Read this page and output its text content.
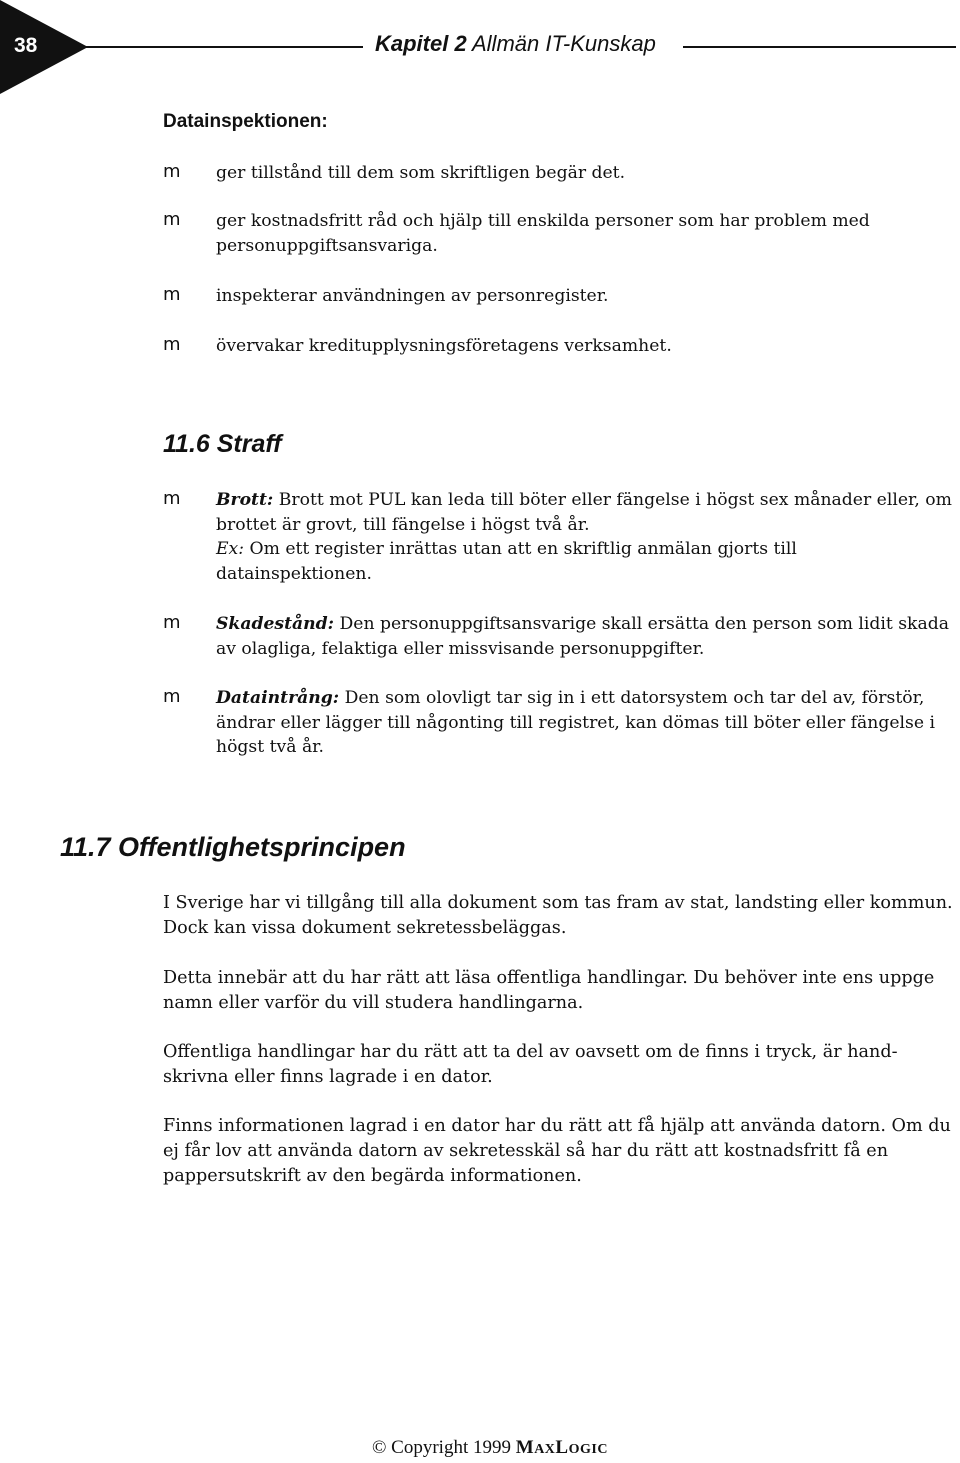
38	Kapitel 2 Allmän IT-Kunskap
Datainspektionen:
m ger tillstånd till dem som skriftligen begär det.
m ger kostnadsfritt råd och hjälp till enskilda personer som har problem med personuppgiftsansvariga.
m inspekterar användningen av personregister.
m övervakar kreditupplysningsföretagens verksamhet.
11.6 Straff
m Brott: Brott mot PUL kan leda till böter eller fängelse i högst sex månader eller, om brottet är grovt, till fängelse i högst två år.
Ex: Om ett register inrättas utan att en skriftlig anmälan gjorts till datainspektionen.
m Skadestånd: Den personuppgiftsansvarige skall ersätta den person som lidit skada av olagliga, felaktiga eller missvisande personuppgifter.
m Dataintrång: Den som olovligt tar sig in i ett datorsystem och tar del av, förstör, ändrar eller lägger till någonting till registret, kan dömas till böter eller fängelse i högst två år.
11.7 Offentlighetsprincipen
I Sverige har vi tillgång till alla dokument som tas fram av stat, landsting eller kommun. Dock kan vissa dokument sekretessbeläggas.
Detta innebär att du har rätt att läsa offentliga handlingar. Du behöver inte ens uppge namn eller varför du vill studera handlingarna.
Offentliga handlingar har du rätt att ta del av oavsett om de finns i tryck, är hand-skrivna eller finns lagrade i en dator.
Finns informationen lagrad i en dator har du rätt att få hjälp att använda datorn. Om du ej får lov att använda datorn av sekretesskäl så har du rätt att kostnadsfritt få en pappersutskrift av den begärda informationen.
© Copyright 1999 MAXLOGIC
